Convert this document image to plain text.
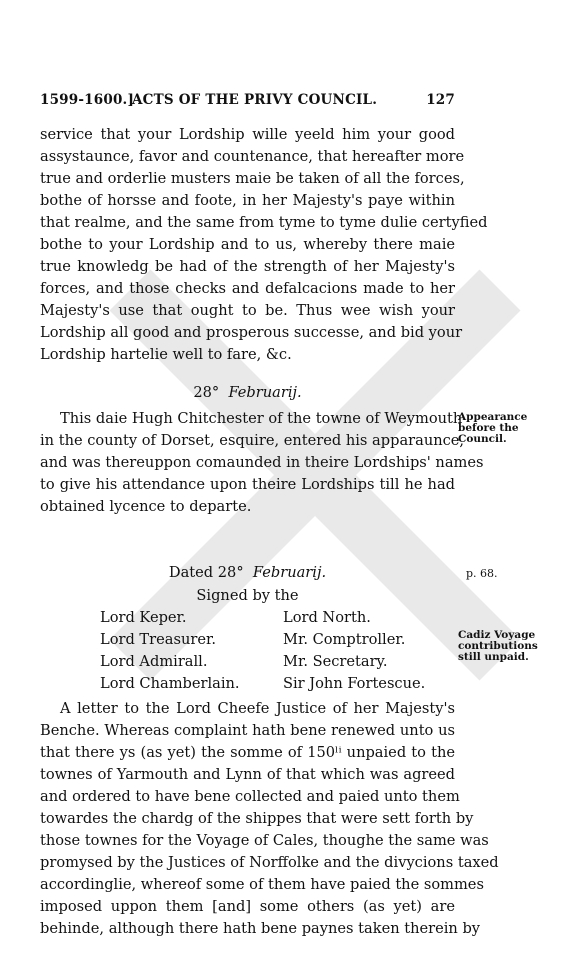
1599-1600.]
ACTS OF THE PRIVY COUNCIL.	127
service that your Lordship wille yeeld him your good
assystaunce, favor and countenance, that hereafter more
true and orderlie musters maie be taken of all the forces,
bothe of horsse and foote, in her Majesty's paye within
that realme, and the same from tyme to tyme dulie certyfied
bothe to your Lordship and to us, whereby there maie
true knowledg be had of the strength of her Majesty's
forces, and those checks and defalcacions made to her
Majesty's use that ought to be. Thus wee wish your
Lordship all good and prosperous successe, and bid your
Lordship hartelie well to fare, &c.
28° Februarij.
This daie Hugh Chitchester of the towne of Weymouth
in the county of Dorset, esquire, entered his apparaunce,
and was thereuppon comaunded in theire Lordships' names
to give his attendance upon theire Lordships till he had
obtained lycence to departe.
Appearance
before the
Council.
Dated 28° Februarij.	p. 68.
Signed by the
Lord Keper.
Lord Treasurer.
Lord Admirall.
Lord Chamberlain.
Lord North.
Mr. Comptroller.
Mr. Secretary.
Sir John Fortescue.
A letter to the Lord Cheefe Justice of her Majesty's
Benche. Whereas complaint hath bene renewed unto us
that there ys (as yet) the somme of 150ˡⁱ unpaied to the
townes of Yarmouth and Lynn of that which was agreed
and ordered to have bene collected and paied unto them
towardes the chardg of the shippes that were sett forth by
those townes for the Voyage of Cales, thoughe the same was
promysed by the Justices of Norffolke and the divycions taxed
accordinglie, whereof some of them have paied the sommes
imposed uppon them [and] some others (as yet) are
behinde, although there hath bene paynes taken therein by
Cadiz Voyage
contributions
still unpaid.
